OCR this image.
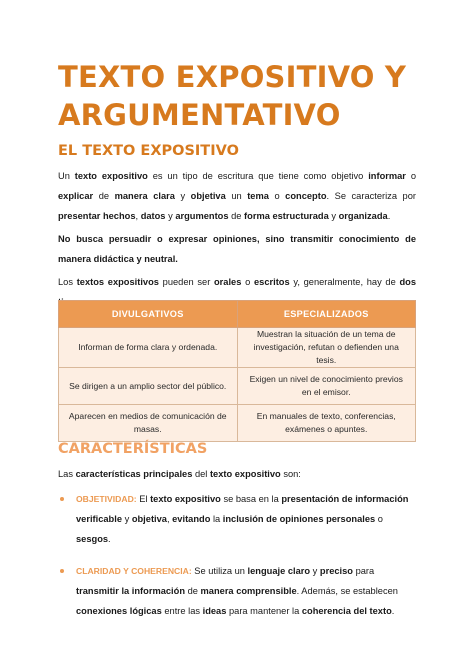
TEXTO EXPOSITIVO Y ARGUMENTATIVO
EL TEXTO EXPOSITIVO
Un texto expositivo es un tipo de escritura que tiene como objetivo informar o explicar de manera clara y objetiva un tema o concepto. Se caracteriza por presentar hechos, datos y argumentos de forma estructurada y organizada.
No busca persuadir o expresar opiniones, sino transmitir conocimiento de manera didáctica y neutral.
Los textos expositivos pueden ser orales o escritos y, generalmente, hay de dos
DIVULGATIVOS	ESPECIALIZADOS
Informan de forma clara y ordenada.	Muestran la situación de un tema de investigación, refutan o defienden una tesis.
Se dirigen a un amplio sector del público.	Exigen un nivel de conocimiento previos en el emisor.
Aparecen en medios de comunicación de masas.	En manuales de texto, conferencias, exámenes o apuntes.
CARACTERÍSTICAS
Las características principales del texto expositivo son:
OBJETIVIDAD: El texto expositivo se basa en la presentación de información verificable y objetiva, evitando la inclusión de opiniones personales o sesgos.
CLARIDAD Y COHERENCIA: Se utiliza un lenguaje claro y preciso para transmitir la información de manera comprensible. Además, se establecen conexiones lógicas entre las ideas para mantener la coherencia del texto.
